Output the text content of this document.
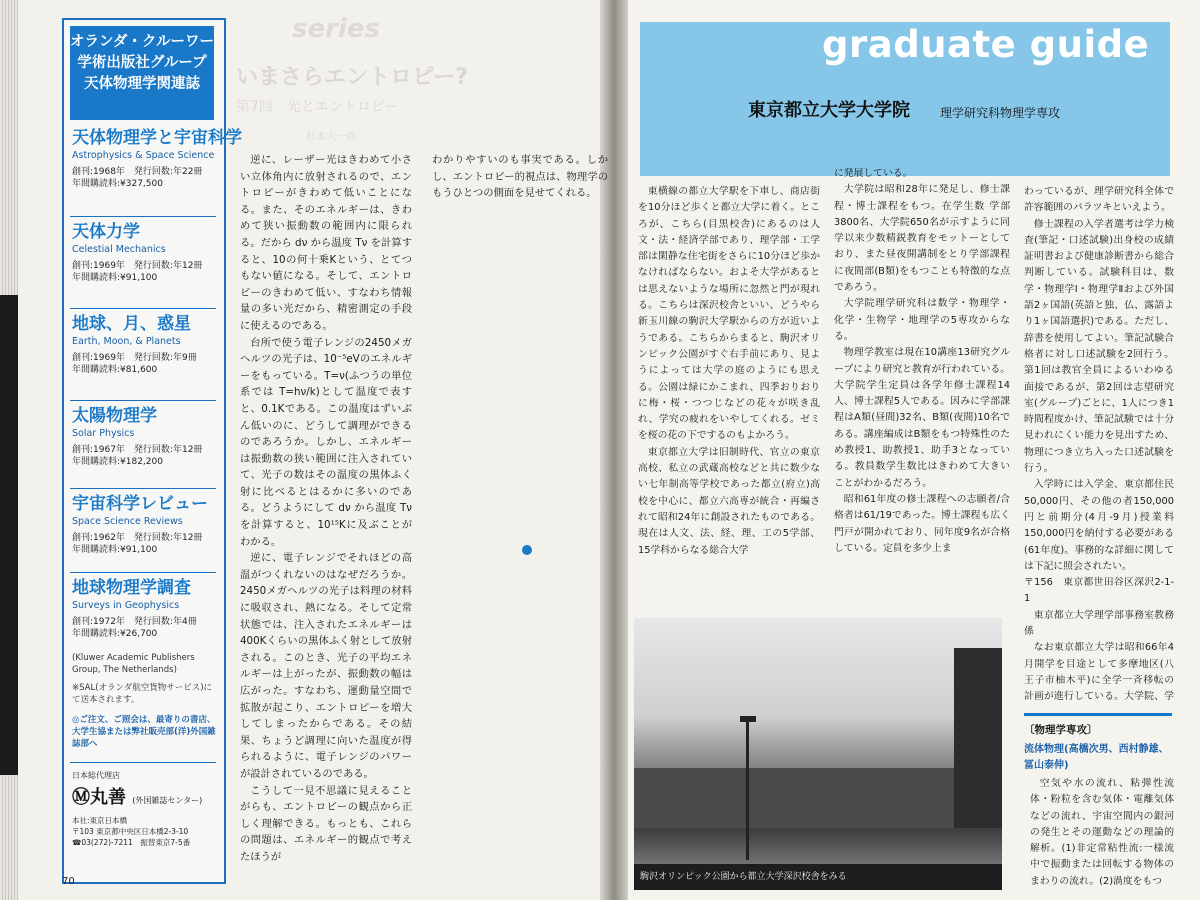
オランダ・クルーワー
学術出版社グループ
天体物理学関連誌
天体物理学と宇宙科学
Astrophysics & Space Science
創刊:1968年　発行回数:年22冊
年間購読料:¥327,500
天体力学
Celestial Mechanics
創刊:1969年　発行回数:年12冊
年間購読料:¥91,100
地球、月、惑星
Earth, Moon, & Planets
創刊:1969年　発行回数:年9冊
年間購読料:¥81,600
太陽物理学
Solar Physics
創刊:1967年　発行回数:年12冊
年間購読料:¥182,200
宇宙科学レビュー
Space Science Reviews
創刊:1962年　発行回数:年12冊
年間購読料:¥91,100
地球物理学調査
Surveys in Geophysics
創刊:1972年　発行回数:年4冊
年間購読料:¥26,700
(Kluwer Academic Publishers Group, The Netherlands)
※SAL(オランダ航空貨物サービス)にて送本されます。
◎ご注文、ご照会は、最寄りの書店、大学生協または弊社販売部(洋)外国雑誌部へ
日本総代理店
Ⓜ丸善 (外国雑誌センター)
本社:東京日本橋
〒103 東京都中央区日本橋2-3-10
☎03(272)-7211　振替東京7-5番
series
いまさらエントロピー?
第7回　光とエントロピー
杉本大一郎

逆に、レーザー光はきわめて小さい立体角内に放射されるので、エントロピーがきわめて低いことになる。また、そのエネルギーは、きわめて狭い振動数の範囲内に限られる。だから dν から温度 Tν を計算すると、10の何十乗Kという、とてつもない値になる。そして、エントロピーのきわめて低い、すなわち情報量の多い光だから、精密測定の手段に使えるのである。

台所で使う電子レンジの2450メガヘルツの光子は、10⁻⁵eVのエネルギーをもっている。T=ν(ふつうの単位系では T=hν/k)として温度で表すと、0.1Kである。この温度はずいぶん低いのに、どうして調理ができるのであろうか。しかし、エネルギーは振動数の狭い範囲に注入されていて、光子の数はその温度の黒体ふく射に比べるとはるかに多いのである。どうようにして dν から温度 Tν を計算すると、10¹⁵Kに及ぶことがわかる。

逆に、電子レンジでそれほどの高温がつくれないのはなぜだろうか。2450メガヘルツの光子は料理の材料に吸収され、熱になる。そして定常状態では、注入されたエネルギーは400Kくらいの黒体ふく射として放射される。このとき、光子の平均エネルギーは上がったが、振動数の幅は広がった。すなわち、運動量空間で拡散が起こり、エントロピーを増大してしまったからである。その結果、ちょうど調理に向いた温度が得られるように、電子レンジのパワーが設計されているのである。

こうして一見不思議に見えることがらも、エントロピーの観点から正しく理解できる。もっとも、これらの問題は、エネルギー的観点で考えたほうが

わかりやすいのも事実である。しかし、エントロピー的視点は、物理学のもうひとつの側面を見せてくれる。

70
graduate guide
東京都立大学大学院	理学研究科物理学専攻

東横線の都立大学駅を下車し、商店街を10分ほど歩くと都立大学に着く。ところが、こちら(目黒校舎)にあるのは人文・法・経済学部であり、理学部・工学部は閑静な住宅街をさらに10分ほど歩かなければならない。およそ大学があるとは思えないような場所に忽然と門が現れる。こちらは深沢校舎といい、どうやら新玉川線の駒沢大学駅からの方が近いようである。こちらからまると、駒沢オリンピック公園がすぐ右手前にあり、見ようによっては大学の庭のようにも思える。公園は緑にかこまれ、四季おりおりに梅・桜・つつじなどの花々が咲き乱れ、学究の疲れをいやしてくれる。ゼミを桜の花の下でするのもよかろう。

東京都立大学は旧制時代、官立の東京高校、私立の武蔵高校などと共に数少ない七年制高等学校であった都立(府立)高校を中心に、都立六高専が統合・再編されて昭和24年に創設されたものである。現在は人文、法、経、理、工の5学部、15学科からなる総合大学

に発展している。

大学院は昭和28年に発足し、修士課程・博士課程をもつ。在学生数 学部3800名、大学院650名が示すように同学以来少数精鋭教育をモットーとしており、また昼夜開講制をとり学部課程に夜間部(B類)をもつことも特徴的な点であろう。

大学院理学研究科は数学・物理学・化学・生物学・地理学の5専攻からなる。

物理学教室は現在10講座13研究グループにより研究と教育が行われている。大学院学生定員は各学年修士課程14人、博士課程5人である。因みに学部課程はA類(昼間)32名、B類(夜間)10名である。講座編成はB類をもつ特殊性のため教授1、助教授1、助手3となっている。教員数学生数比はきわめて大きいことがわかるだろう。

昭和61年度の修士課程への志願者/合格者は61/19であった。博士課程も広く門戸が開かれており、同年度9名が合格している。定員を多少上ま

わっているが、理学研究科全体で許容範囲のバラツキといえよう。

修士課程の入学者選考は学力検査(筆記・口述試験)出身校の成績証明書および健康診断書から総合判断している。試験科目は、数学・物理学Ⅰ・物理学Ⅱおよび外国語2ヶ国語(英語と独、仏、露語より1ヶ国語選択)である。ただし、辞書を使用してよい。筆記試験合格者に対し口述試験を2回行う。第1回は教官全員によるいわゆる面接であるが、第2回は志望研究室(グループ)ごとに、1人につき1時間程度かけ、筆記試験では十分見われにくい能力を見出すため、物理につき立ち入った口述試験を行う。

入学時には入学金、東京都住民50,000円、その他の者150,000円と前期分(4月-9月)授業料150,000円を納付する必要がある(61年度)。事務的な詳細に関しては下記に照会されたい。

〒156　東京都世田谷区深沢2-1-1

東京都立大学理学部事務室教務係

なお東京都立大学は昭和66年4月開学を目途として多摩地区(八王子市柚木平)に全学一斉移転の計画が進行している。大学院、学

〔物理学専攻〕
流体物理(高橋次男、西村静雄、冨山泰伸)

空気や水の流れ、粘弾性流体・粉粒を含む気体・電離気体などの流れ、宇宙空間内の銀河の発生とその運動などの理論的解析。(1)非定常粘性流:一様流中で振動または回転する物体のまわりの流れ。(2)渦度をもつ

駒沢オリンピック公園から都立大学深沢校舎をみる
